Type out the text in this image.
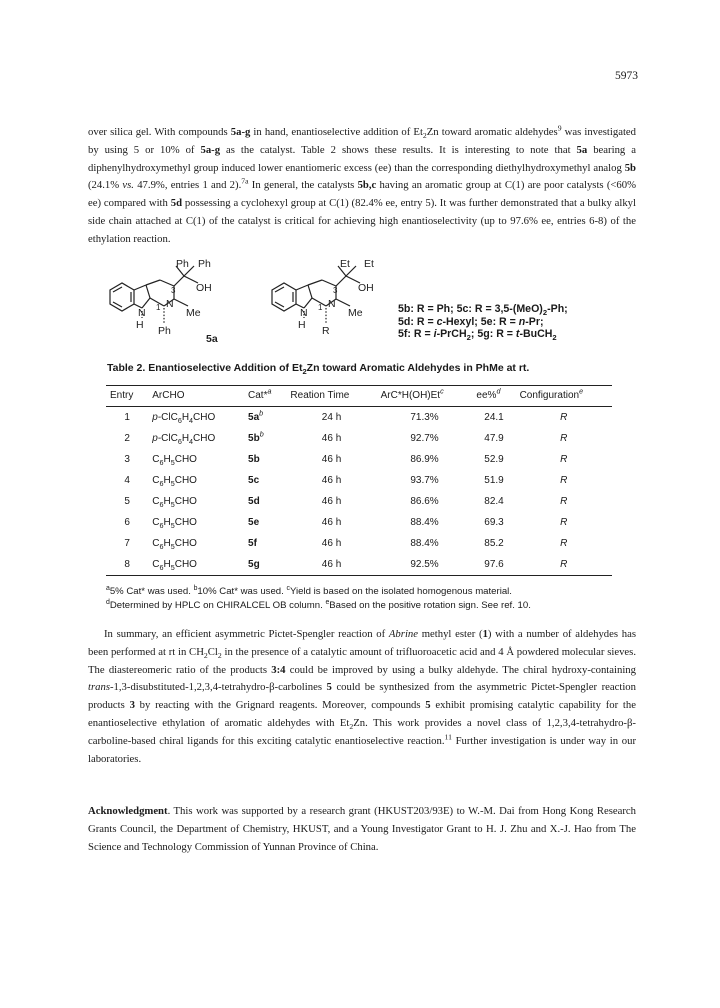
5973
over silica gel. With compounds 5a-g in hand, enantioselective addition of $Et_2Zn$ toward aromatic aldehydes$^9$ was investigated by using 5 or 10% of 5a-g as the catalyst. Table 2 shows these results. It is interesting to note that 5a bearing a diphenylhydroxymethyl group induced lower enantiomeric excess (ee) than the corresponding diethylhydroxymethyl analog 5b (24.1% vs. 47.9%, entries 1 and 2).$^{7a}$ In general, the catalysts 5b,c having an aromatic group at C(1) are poor catalysts (<60% ee) compared with 5d possessing a cyclohexyl group at C(1) (82.4% ee, entry 5). It was further demonstrated that a bulky alkyl side chain attached at C(1) of the catalyst is critical for achieving high enantioselectivity (up to 97.6% ee, entries 6-8) of the ethylation reaction.
Ph Ph
OH
3
1 N
Me
N
H Ph
5a
Et Et
OH
3
1 N
Me
N
H R
5b: R = Ph; 5c: $R = 3,5-(MeO)_2-Ph$;
5d: R = c-Hexyl; 5e: R = n-Pr;
5f: R = i-PrCH$_2$; 5g: R = t-BuCH$_2$
Table 2. Enantioselective Addition of $Et_2Zn$ toward Aromatic Aldehydes in PhMe at rt.
Entry	ArCHO	Cat*$^a$	Reation Time	ArC*H(OH)Et$^c$	ee%$^d$	Configuration$^e$
1	$p-ClC_6H_4CHO$	$5a^b$	24 h	71.3%	24.1	R
2	$p-ClC_6H_4CHO$	$5b^b$	46 h	92.7%	47.9	R
3	$C_6H_5CHO$	5b	46 h	86.9%	52.9	R
4	$C_6H_5CHO$	5c	46 h	93.7%	51.9	R
5	$C_6H_5CHO$	5d	46 h	86.6%	82.4	R
6	$C_6H_5CHO$	5e	46 h	88.4%	69.3	R
7	$C_6H_5CHO$	5f	46 h	88.4%	85.2	R
8	$C_6H_5CHO$	5g	46 h	92.5%	97.6	R
$^a$5% Cat* was used. $^b$10% Cat* was used. $^c$Yield is based on the isolated homogenous material.
$^d$Determined by HPLC on CHIRALCEL OB column. $^e$Based on the positive rotation sign. See ref. 10.
In summary, an efficient asymmetric Pictet-Spengler reaction of Abrine methyl ester (1) with a number of aldehydes has been performed at rt in $CH_2Cl_2$ in the presence of a catalytic amount of trifluoroacetic acid and 4 Å powdered molecular sieves. The diastereomeric ratio of the products 3:4 could be improved by using a bulky aldehyde. The chiral hydroxy-containing trans-1,3-disubstituted-1,2,3,4-tetrahydro-β-carbolines 5 could be synthesized from the asymmetric Pictet-Spengler reaction products 3 by reacting with the Grignard reagents. Moreover, compounds 5 exhibit promising catalytic capability for the enantioselective ethylation of aromatic aldehydes with $Et_2Zn$. This work provides a novel class of 1,2,3,4-tetrahydro-β-carboline-based chiral ligands for this exciting catalytic enantioselective reaction.$^{11}$ Further investigation is under way in our laboratories.
Acknowledgment. This work was supported by a research grant (HKUST203/93E) to W.-M. Dai from Hong Kong Research Grants Council, the Department of Chemistry, HKUST, and a Young Investigator Grant to H. J. Zhu and X.-J. Hao from The Science and Technology Commission of Yunnan Province of China.
